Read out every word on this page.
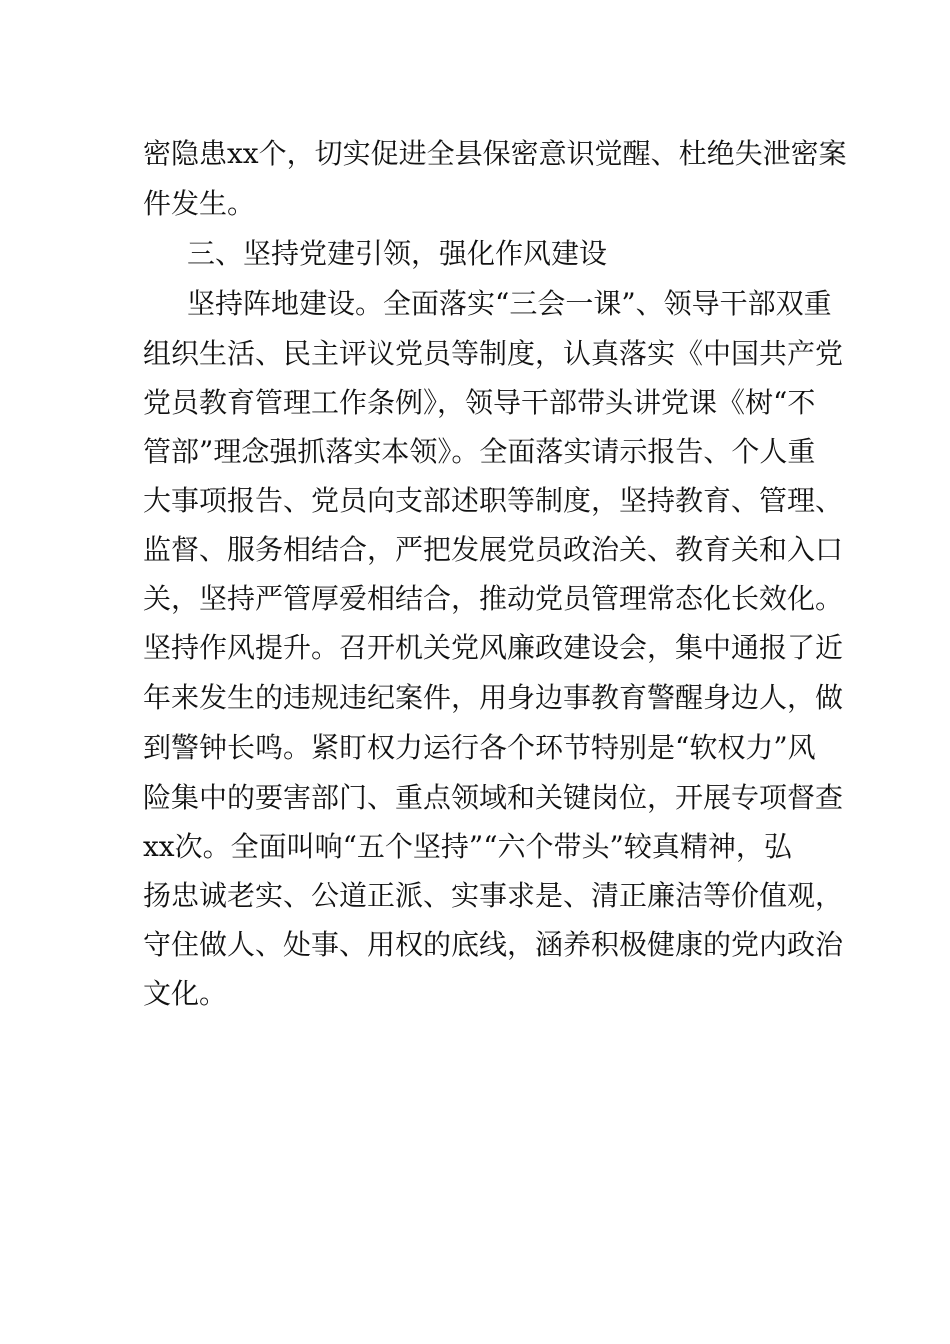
密隐患xx个，切实促进全县保密意识觉醒、杜绝失泄密案

件发生。

三、坚持党建引领，强化作风建设

坚持阵地建设。全面落实“三会一课”、领导干部双重

组织生活、民主评议党员等制度，认真落实《中国共产党

党员教育管理工作条例》，领导干部带头讲党课《树“不

管部”理念强抓落实本领》。全面落实请示报告、个人重

大事项报告、党员向支部述职等制度，坚持教育、管理、

监督、服务相结合，严把发展党员政治关、教育关和入口

关，坚持严管厚爱相结合，推动党员管理常态化长效化。

坚持作风提升。召开机关党风廉政建设会，集中通报了近

年来发生的违规违纪案件，用身边事教育警醒身边人，做

到警钟长鸣。紧盯权力运行各个环节特别是“软权力”风

险集中的要害部门、重点领域和关键岗位，开展专项督查

xx次。全面叫响“五个坚持”“六个带头”较真精神，弘

扬忠诚老实、公道正派、实事求是、清正廉洁等价值观，

守住做人、处事、用权的底线，涵养积极健康的党内政治

文化。
